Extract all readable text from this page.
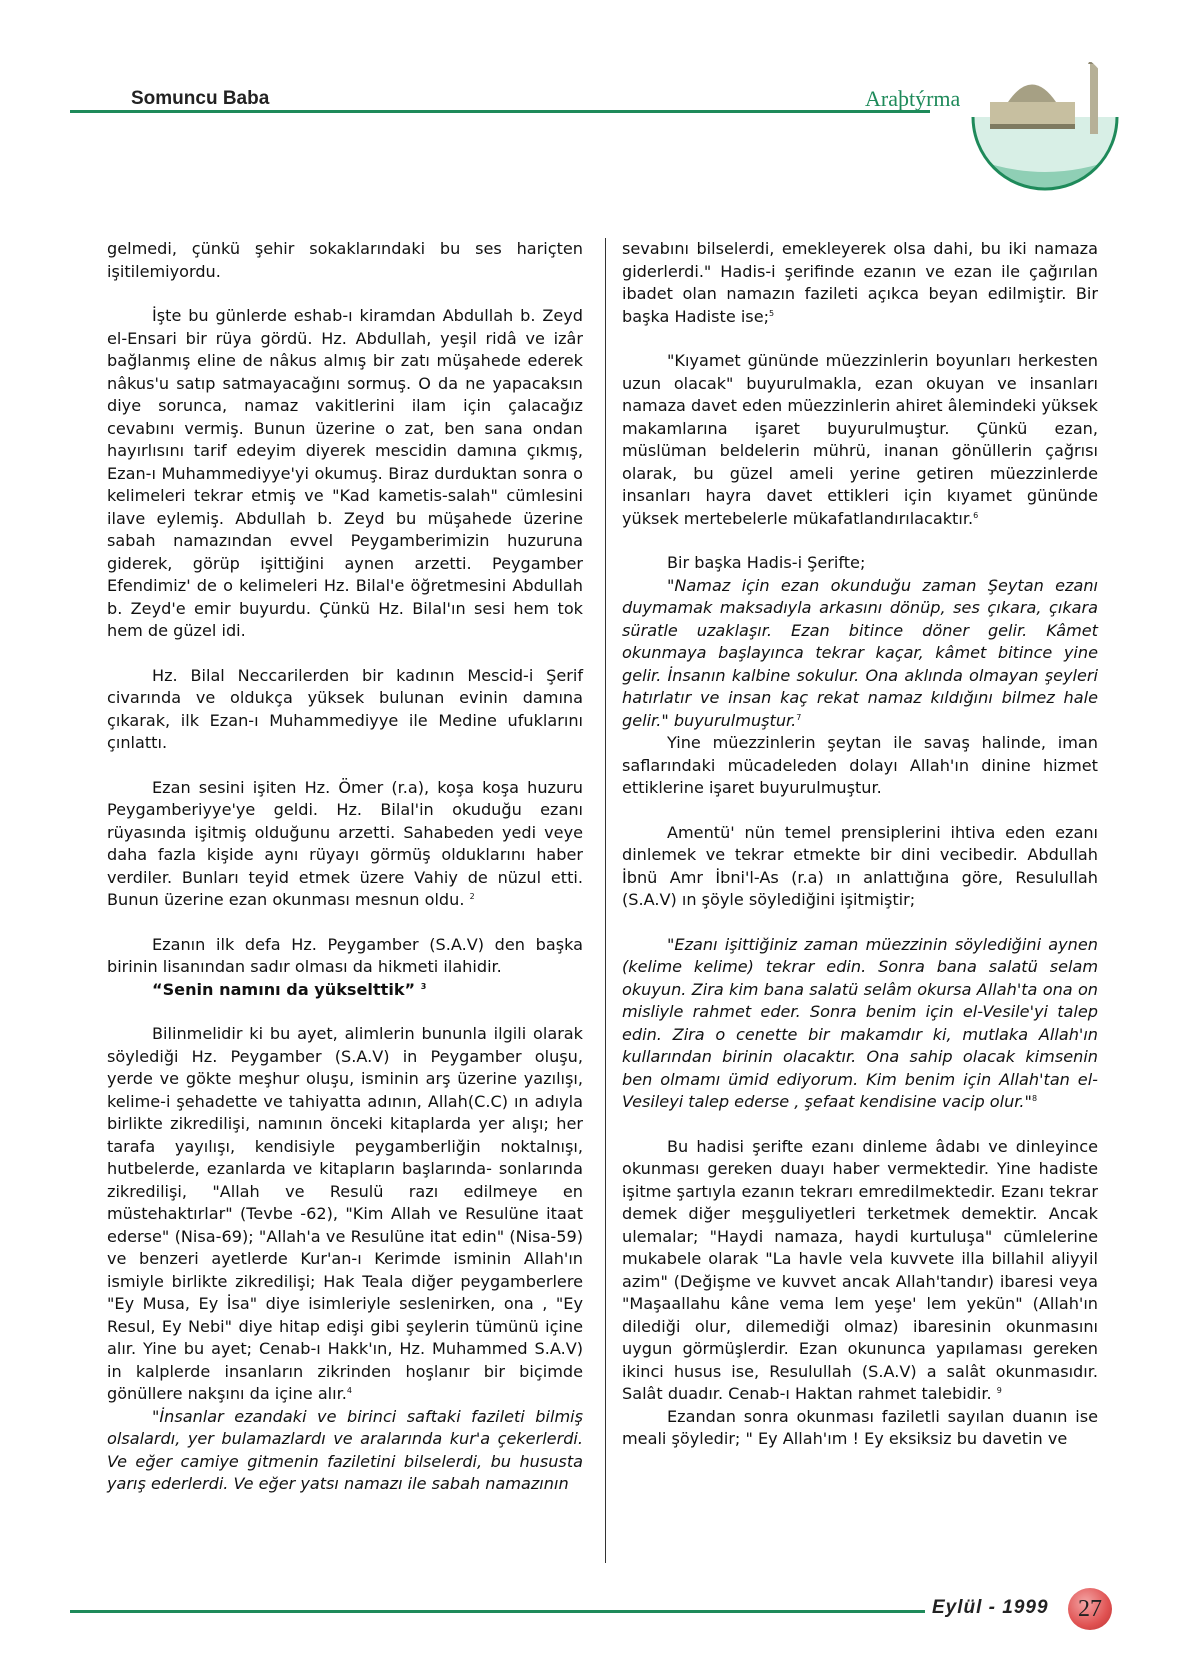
Somuncu Baba	Araþtýrma

gelmedi, çünkü şehir sokaklarındaki bu ses hariçten işitilemiyordu.

İşte bu günlerde eshab-ı kiramdan Abdullah b. Zeyd el-Ensari bir rüya gördü. Hz. Abdullah, yeşil ridâ ve izâr bağlanmış eline de nâkus almış bir zatı müşahede ederek nâkus'u satıp satmayacağını sormuş. O da ne yapacaksın diye sorunca, namaz vakitlerini ilam için çalacağız cevabını vermiş. Bunun üzerine o zat, ben sana ondan hayırlısını tarif edeyim diyerek mescidin damına çıkmış, Ezan-ı Muhammediyye'yi okumuş. Biraz durduktan sonra o kelimeleri tekrar etmiş ve "Kad kametis-salah" cümlesini ilave eylemiş. Abdullah b. Zeyd bu müşahede üzerine sabah namazından evvel Peygamberimizin huzuruna giderek, görüp işittiğini aynen arzetti. Peygamber Efendimiz' de o kelimeleri Hz. Bilal'e öğretmesini Abdullah b. Zeyd'e emir buyurdu. Çünkü Hz. Bilal'ın sesi hem tok hem de güzel idi.

Hz. Bilal Neccarilerden bir kadının Mescid-i Şerif civarında ve oldukça yüksek bulunan evinin damına çıkarak, ilk Ezan-ı Muhammediyye ile Medine ufuklarını çınlattı.

Ezan sesini işiten Hz. Ömer (r.a), koşa koşa huzuru Peygamberiyye'ye geldi. Hz. Bilal'in okuduğu ezanı rüyasında işitmiş olduğunu arzetti. Sahabeden yedi veye daha fazla kişide aynı rüyayı görmüş olduklarını haber verdiler. Bunları teyid etmek üzere Vahiy de nüzul etti. Bunun üzerine ezan okunması mesnun oldu. $^2$

Ezanın ilk defa Hz. Peygamber (S.A.V) den başka birinin lisanından sadır olması da hikmeti ilahidir.

“Senin namını da yükselttik” $^3$

Bilinmelidir ki bu ayet, alimlerin bununla ilgili olarak söylediği Hz. Peygamber (S.A.V) in Peygamber oluşu, yerde ve gökte meşhur oluşu, isminin arş üzerine yazılışı, kelime-i şehadette ve tahiyatta adının, Allah(C.C) ın adıyla birlikte zikredilişi, namının önceki kitaplarda yer alışı; her tarafa yayılışı, kendisiyle peygamberliğin noktalnışı, hutbelerde, ezanlarda ve kitapların başlarında- sonlarında zikredilişi, "Allah ve Resulü razı edilmeye en müstehaktırlar" (Tevbe -62), "Kim Allah ve Resulüne itaat ederse" (Nisa-69); "Allah'a ve Resulüne itat edin" (Nisa-59) ve benzeri ayetlerde Kur'an-ı Kerimde isminin Allah'ın ismiyle birlikte zikredilişi; Hak Teala diğer peygamberlere "Ey Musa, Ey İsa" diye isimleriyle seslenirken, ona , "Ey Resul, Ey Nebi" diye hitap edişi gibi şeylerin tümünü içine alır. Yine bu ayet; Cenab-ı Hakk'ın, Hz. Muhammed S.A.V) in kalplerde insanların zikrinden hoşlanır bir biçimde gönüllere nakşını da içine alır.$^4$

"İnsanlar ezandaki ve birinci saftaki fazileti bilmiş olsalardı, yer bulamazlardı ve aralarında kur'a çekerlerdi. Ve eğer camiye gitmenin faziletini bilselerdi, bu hususta yarış ederlerdi. Ve eğer yatsı namazı ile sabah namazının

sevabını bilselerdi, emekleyerek olsa dahi, bu iki namaza giderlerdi." Hadis-i şerifinde ezanın ve ezan ile çağırılan ibadet olan namazın fazileti açıkca beyan edilmiştir. Bir başka Hadiste ise;$^5$

"Kıyamet gününde müezzinlerin boyunları herkesten uzun olacak" buyurulmakla, ezan okuyan ve insanları namaza davet eden müezzinlerin ahiret âlemindeki yüksek makamlarına işaret buyurulmuştur. Çünkü ezan, müslüman beldelerin mührü, inanan gönüllerin çağrısı olarak, bu güzel ameli yerine getiren müezzinlerde insanları hayra davet ettikleri için kıyamet gününde yüksek mertebelerle mükafatlandırılacaktır.$^6$

Bir başka Hadis-i Şerifte;

"Namaz için ezan okunduğu zaman Şeytan ezanı duymamak maksadıyla arkasını dönüp, ses çıkara, çıkara süratle uzaklaşır. Ezan bitince döner gelir. Kâmet okunmaya başlayınca tekrar kaçar, kâmet bitince yine gelir. İnsanın kalbine sokulur. Ona aklında olmayan şeyleri hatırlatır ve insan kaç rekat namaz kıldığını bilmez hale gelir." buyurulmuştur.$^7$

Yine müezzinlerin şeytan ile savaş halinde, iman saflarındaki mücadeleden dolayı Allah'ın dinine hizmet ettiklerine işaret buyurulmuştur.

Amentü' nün temel prensiplerini ihtiva eden ezanı dinlemek ve tekrar etmekte bir dini vecibedir. Abdullah İbnü Amr İbni'l-As (r.a) ın anlattığına göre, Resulullah (S.A.V) ın şöyle söylediğini işitmiştir;

"Ezanı işittiğiniz zaman müezzinin söylediğini aynen (kelime kelime) tekrar edin. Sonra bana salatü selam okuyun. Zira kim bana salatü selâm okursa Allah'ta ona on misliyle rahmet eder. Sonra benim için el-Vesile'yi talep edin. Zira o cenette bir makamdır ki, mutlaka Allah'ın kullarından birinin olacaktır. Ona sahip olacak kimsenin ben olmamı ümid ediyorum. Kim benim için Allah'tan el-Vesileyi talep ederse , şefaat kendisine vacip olur."$^8$

Bu hadisi şerifte ezanı dinleme âdabı ve dinleyince okunması gereken duayı haber vermektedir. Yine hadiste işitme şartıyla ezanın tekrarı emredilmektedir. Ezanı tekrar demek diğer meşguliyetleri terketmek demektir. Ancak ulemalar; "Haydi namaza, haydi kurtuluşa" cümlelerine mukabele olarak "La havle vela kuvvete illa billahil aliyyil azim" (Değişme ve kuvvet ancak Allah'tandır) ibaresi veya "Maşaallahu kâne vema lem yeşe' lem yekün" (Allah'ın dilediği olur, dilemediği olmaz) ibaresinin okunmasını uygun görmüşlerdir. Ezan okununca yapılaması gereken ikinci husus ise, Resulullah (S.A.V) a salât okunmasıdır. Salât duadır. Cenab-ı Haktan rahmet talebidir. $^9$

Ezandan sonra okunması faziletli sayılan duanın ise meali şöyledir; " Ey Allah'ım ! Ey eksiksiz bu davetin ve

Eylül - 1999	27
